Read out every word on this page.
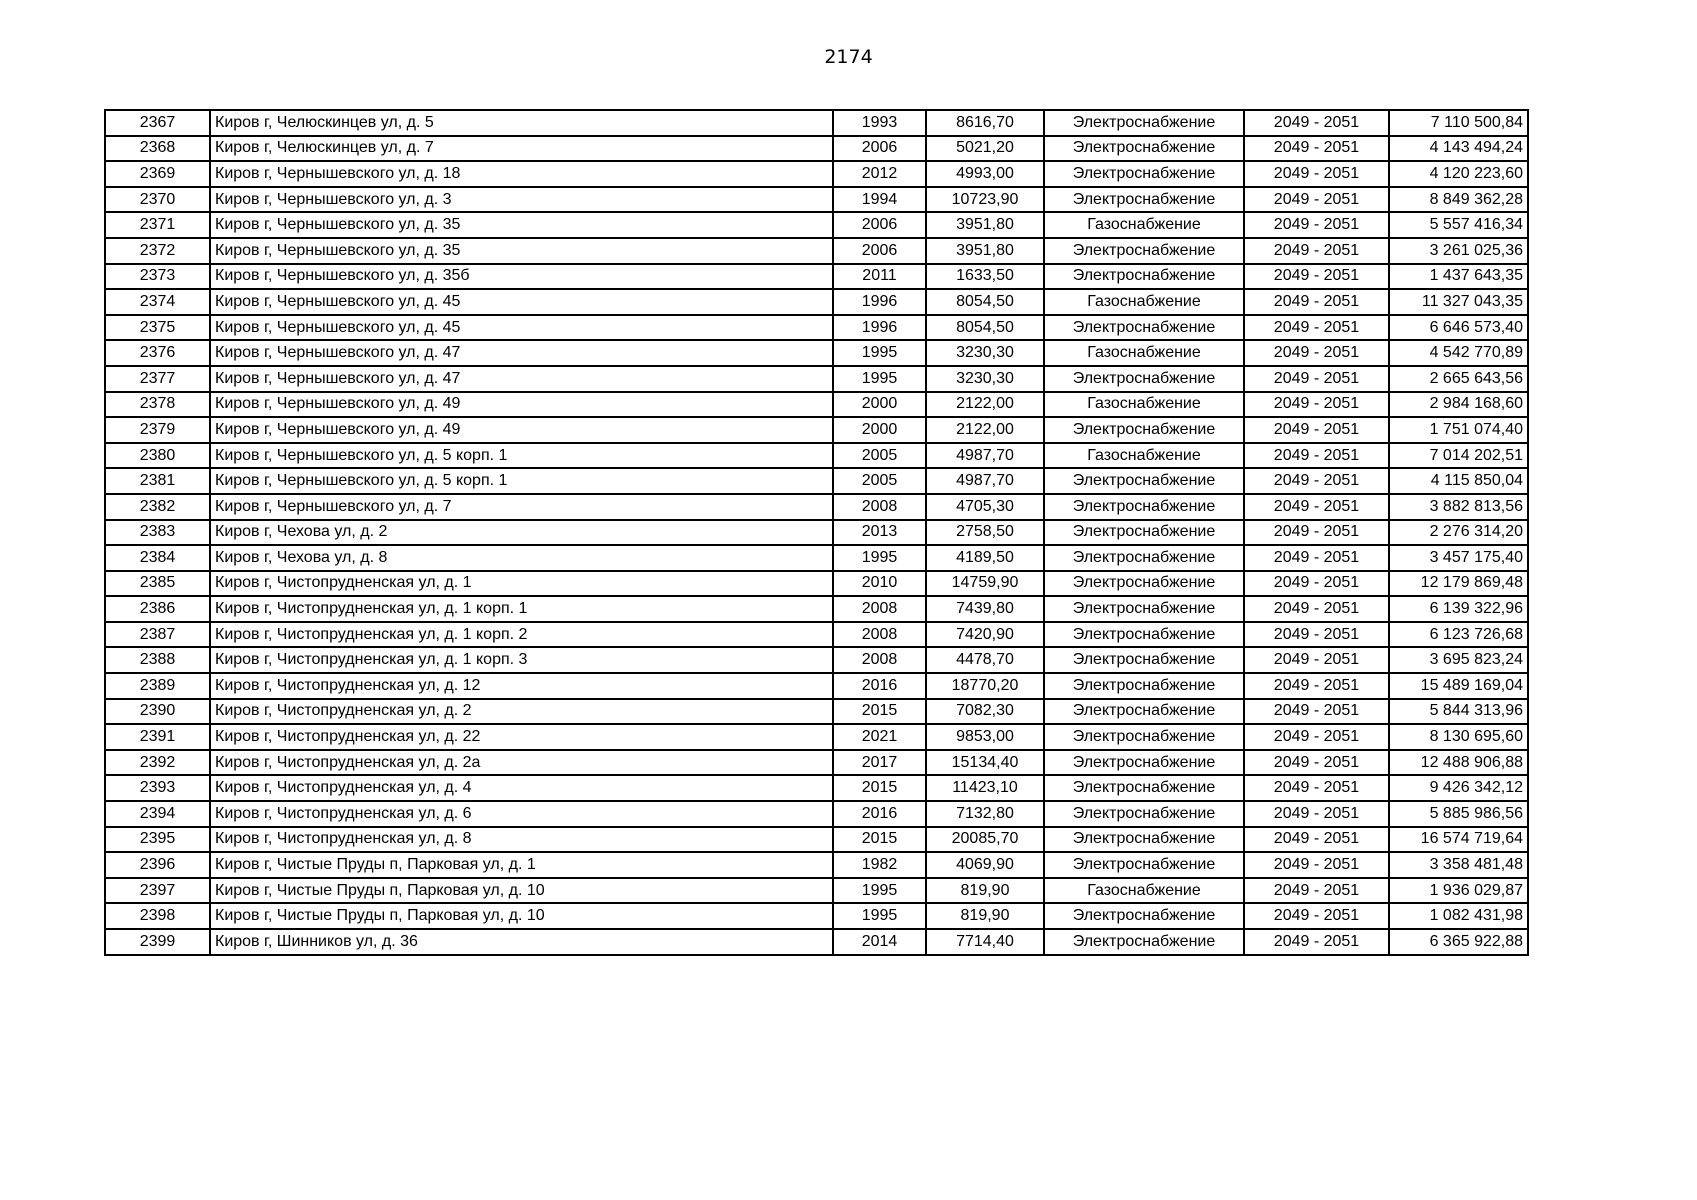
2174
2367	Киров г, Челюскинцев ул, д. 5	1993	8616,70	Электроснабжение	2049 - 2051	7 110 500,84
2368	Киров г, Челюскинцев ул, д. 7	2006	5021,20	Электроснабжение	2049 - 2051	4 143 494,24
2369	Киров г, Чернышевского ул, д. 18	2012	4993,00	Электроснабжение	2049 - 2051	4 120 223,60
2370	Киров г, Чернышевского ул, д. 3	1994	10723,90	Электроснабжение	2049 - 2051	8 849 362,28
2371	Киров г, Чернышевского ул, д. 35	2006	3951,80	Газоснабжение	2049 - 2051	5 557 416,34
2372	Киров г, Чернышевского ул, д. 35	2006	3951,80	Электроснабжение	2049 - 2051	3 261 025,36
2373	Киров г, Чернышевского ул, д. 35б	2011	1633,50	Электроснабжение	2049 - 2051	1 437 643,35
2374	Киров г, Чернышевского ул, д. 45	1996	8054,50	Газоснабжение	2049 - 2051	11 327 043,35
2375	Киров г, Чернышевского ул, д. 45	1996	8054,50	Электроснабжение	2049 - 2051	6 646 573,40
2376	Киров г, Чернышевского ул, д. 47	1995	3230,30	Газоснабжение	2049 - 2051	4 542 770,89
2377	Киров г, Чернышевского ул, д. 47	1995	3230,30	Электроснабжение	2049 - 2051	2 665 643,56
2378	Киров г, Чернышевского ул, д. 49	2000	2122,00	Газоснабжение	2049 - 2051	2 984 168,60
2379	Киров г, Чернышевского ул, д. 49	2000	2122,00	Электроснабжение	2049 - 2051	1 751 074,40
2380	Киров г, Чернышевского ул, д. 5 корп. 1	2005	4987,70	Газоснабжение	2049 - 2051	7 014 202,51
2381	Киров г, Чернышевского ул, д. 5 корп. 1	2005	4987,70	Электроснабжение	2049 - 2051	4 115 850,04
2382	Киров г, Чернышевского ул, д. 7	2008	4705,30	Электроснабжение	2049 - 2051	3 882 813,56
2383	Киров г, Чехова ул, д. 2	2013	2758,50	Электроснабжение	2049 - 2051	2 276 314,20
2384	Киров г, Чехова ул, д. 8	1995	4189,50	Электроснабжение	2049 - 2051	3 457 175,40
2385	Киров г, Чистопрудненская ул, д. 1	2010	14759,90	Электроснабжение	2049 - 2051	12 179 869,48
2386	Киров г, Чистопрудненская ул, д. 1 корп. 1	2008	7439,80	Электроснабжение	2049 - 2051	6 139 322,96
2387	Киров г, Чистопрудненская ул, д. 1 корп. 2	2008	7420,90	Электроснабжение	2049 - 2051	6 123 726,68
2388	Киров г, Чистопрудненская ул, д. 1 корп. 3	2008	4478,70	Электроснабжение	2049 - 2051	3 695 823,24
2389	Киров г, Чистопрудненская ул, д. 12	2016	18770,20	Электроснабжение	2049 - 2051	15 489 169,04
2390	Киров г, Чистопрудненская ул, д. 2	2015	7082,30	Электроснабжение	2049 - 2051	5 844 313,96
2391	Киров г, Чистопрудненская ул, д. 22	2021	9853,00	Электроснабжение	2049 - 2051	8 130 695,60
2392	Киров г, Чистопрудненская ул, д. 2а	2017	15134,40	Электроснабжение	2049 - 2051	12 488 906,88
2393	Киров г, Чистопрудненская ул, д. 4	2015	11423,10	Электроснабжение	2049 - 2051	9 426 342,12
2394	Киров г, Чистопрудненская ул, д. 6	2016	7132,80	Электроснабжение	2049 - 2051	5 885 986,56
2395	Киров г, Чистопрудненская ул, д. 8	2015	20085,70	Электроснабжение	2049 - 2051	16 574 719,64
2396	Киров г, Чистые Пруды п, Парковая ул, д. 1	1982	4069,90	Электроснабжение	2049 - 2051	3 358 481,48
2397	Киров г, Чистые Пруды п, Парковая ул, д. 10	1995	819,90	Газоснабжение	2049 - 2051	1 936 029,87
2398	Киров г, Чистые Пруды п, Парковая ул, д. 10	1995	819,90	Электроснабжение	2049 - 2051	1 082 431,98
2399	Киров г, Шинников ул, д. 36	2014	7714,40	Электроснабжение	2049 - 2051	6 365 922,88
